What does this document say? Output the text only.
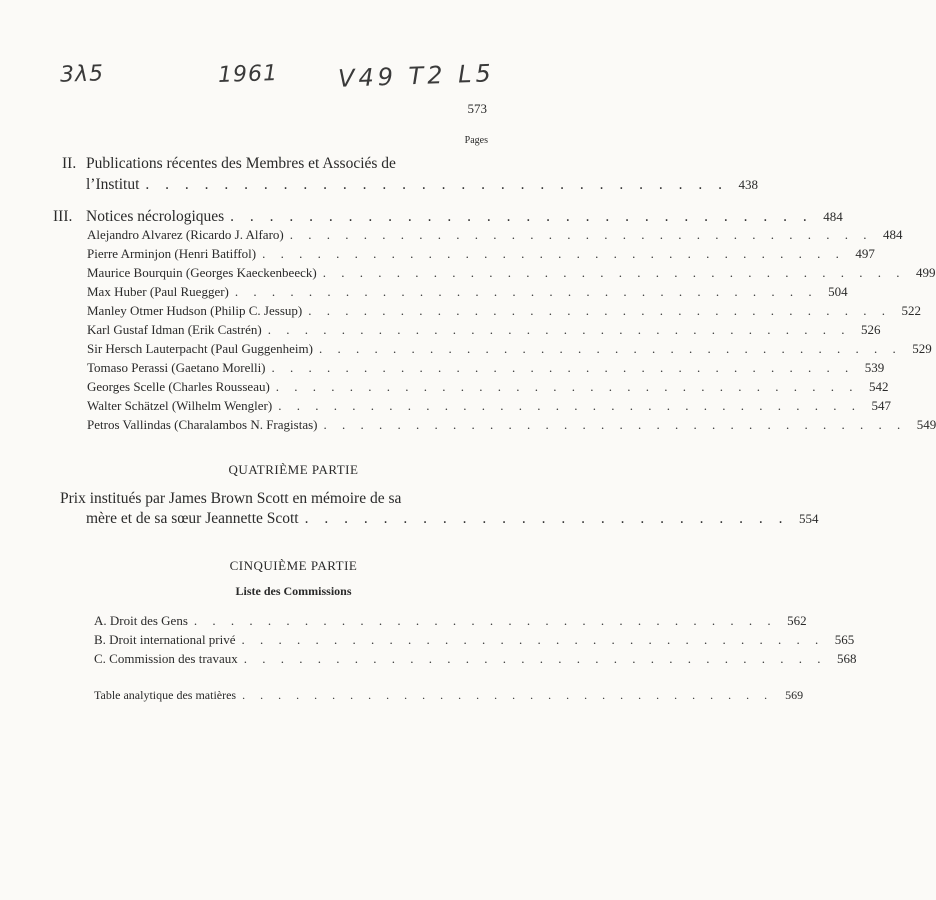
3λ5	1961 V49 T2 L5
573
Pages
II. Publications récentes des Membres et Associés de
l’Institut . . . . . . . . . . . . . . . . . . . . . . . . . . . . . . 438
III. Notices nécrologiques . . . . . . . . . . . . . . . . . . . . . . . . . . . . . . 484
Alejandro Alvarez (Ricardo J. Alfaro) . . . . . . . . . . . . . . . . . . . . . . . . . . . . . . . . 484
Pierre Arminjon (Henri Batiffol) . . . . . . . . . . . . . . . . . . . . . . . . . . . . . . . . 497
Maurice Bourquin (Georges Kaeckenbeeck) . . . . . . . . . . . . . . . . . . . . . . . . . . . . . . . . 499
Max Huber (Paul Ruegger) . . . . . . . . . . . . . . . . . . . . . . . . . . . . . . . . 504
Manley Otmer Hudson (Philip C. Jessup) . . . . . . . . . . . . . . . . . . . . . . . . . . . . . . . . 522
Karl Gustaf Idman (Erik Castrén) . . . . . . . . . . . . . . . . . . . . . . . . . . . . . . . . 526
Sir Hersch Lauterpacht (Paul Guggenheim) . . . . . . . . . . . . . . . . . . . . . . . . . . . . . . . . 529
Tomaso Perassi (Gaetano Morelli) . . . . . . . . . . . . . . . . . . . . . . . . . . . . . . . . 539
Georges Scelle (Charles Rousseau) . . . . . . . . . . . . . . . . . . . . . . . . . . . . . . . . 542
Walter Schätzel (Wilhelm Wengler) . . . . . . . . . . . . . . . . . . . . . . . . . . . . . . . . 547
Petros Vallindas (Charalambos N. Fragistas) . . . . . . . . . . . . . . . . . . . . . . . . . . . . . . . . 549
QUATRIÈME PARTIE
Prix institués par James Brown Scott en mémoire de sa
mère et de sa sœur Jeannette Scott . . . . . . . . . . . . . . . . . . . . . . . . . 554
CINQUIÈME PARTIE
Liste des Commissions
A. Droit des Gens . . . . . . . . . . . . . . . . . . . . . . . . . . . . . . . . 562
B. Droit international privé . . . . . . . . . . . . . . . . . . . . . . . . . . . . . . . . 565
C. Commission des travaux . . . . . . . . . . . . . . . . . . . . . . . . . . . . . . . . 568
Table analytique des matières . . . . . . . . . . . . . . . . . . . . . . . . . . . . . .	569
